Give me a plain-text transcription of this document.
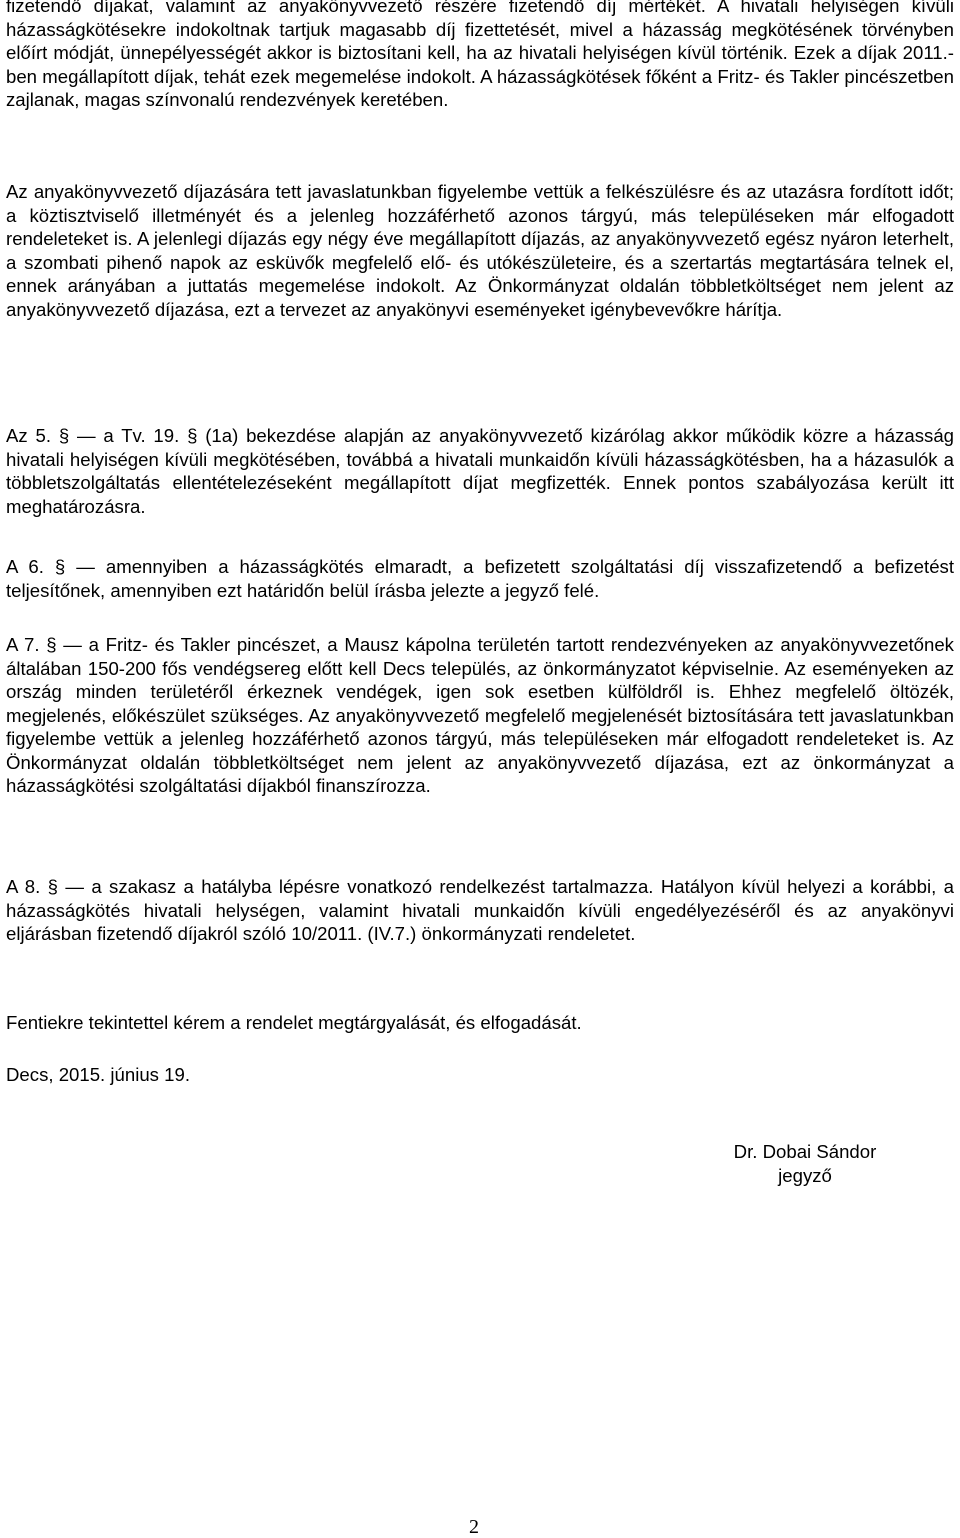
fizetendő díjakat, valamint az anyakönyvvezető részére fizetendő díj mértékét. A hivatali helyiségen kívüli házasságkötésekre indokoltnak tartjuk magasabb díj fizettetését, mivel a házasság megkötésének törvényben előírt módját, ünnepélyességét akkor is biztosítani kell, ha az hivatali helyiségen kívül történik. Ezek a díjak 2011.- ben megállapított díjak, tehát ezek megemelése indokolt. A házasságkötések főként a Fritz- és Takler pincészetben zajlanak, magas színvonalú rendezvények keretében.

Az anyakönyvvezető díjazására tett javaslatunkban figyelembe vettük a felkészülésre és az utazásra fordított időt; a köztisztviselő illetményét és a jelenleg hozzáférhető azonos tárgyú, más településeken már elfogadott rendeleteket is. A jelenlegi díjazás egy négy éve megállapított díjazás, az anyakönyvvezető egész nyáron leterhelt, a szombati pihenő napok az esküvők megfelelő elő- és utókészületeire, és a szertartás megtartására telnek el, ennek arányában a juttatás megemelése indokolt. Az Önkormányzat oldalán többletköltséget nem jelent az anyakönyvvezető díjazása, ezt a tervezet az anyakönyvi eseményeket igénybevevőkre hárítja.

Az 5. § — a Tv. 19. § (1a) bekezdése alapján az anyakönyvvezető kizárólag akkor működik közre a házasság hivatali helyiségen kívüli megkötésében, továbbá a hivatali munkaidőn kívüli házasságkötésben, ha a házasulók a többletszolgáltatás ellentételezéseként megállapított díjat megfizették. Ennek pontos szabályozása került itt meghatározásra.

A 6. § — amennyiben a házasságkötés elmaradt, a befizetett szolgáltatási díj visszafizetendő a befizetést teljesítőnek, amennyiben ezt határidőn belül írásba jelezte a jegyző felé.

A 7. § — a Fritz- és Takler pincészet, a Mausz kápolna területén tartott rendezvényeken az anyakönyvvezetőnek általában 150-200 fős vendégsereg előtt kell Decs település, az önkormányzatot képviselnie. Az eseményeken az ország minden területéről érkeznek vendégek, igen sok esetben külföldről is. Ehhez megfelelő öltözék, megjelenés, előkészület szükséges. Az anyakönyvvezető megfelelő megjelenését biztosítására tett javaslatunkban figyelembe vettük a jelenleg hozzáférhető azonos tárgyú, más településeken már elfogadott rendeleteket is. Az Önkormányzat oldalán többletköltséget nem jelent az anyakönyvvezető díjazása, ezt az önkormányzat a házasságkötési szolgáltatási díjakból finanszírozza.

A 8. § — a szakasz a hatályba lépésre vonatkozó rendelkezést tartalmazza. Hatályon kívül helyezi a korábbi, a házasságkötés hivatali helységen, valamint hivatali munkaidőn kívüli engedélyezéséről és az anyakönyvi eljárásban fizetendő díjakról szóló 10/2011. (IV.7.) önkormányzati rendeletet.

Fentiekre tekintettel kérem a rendelet megtárgyalását, és elfogadását.

Decs, 2015. június 19.

Dr. Dobai Sándor
jegyző
2
